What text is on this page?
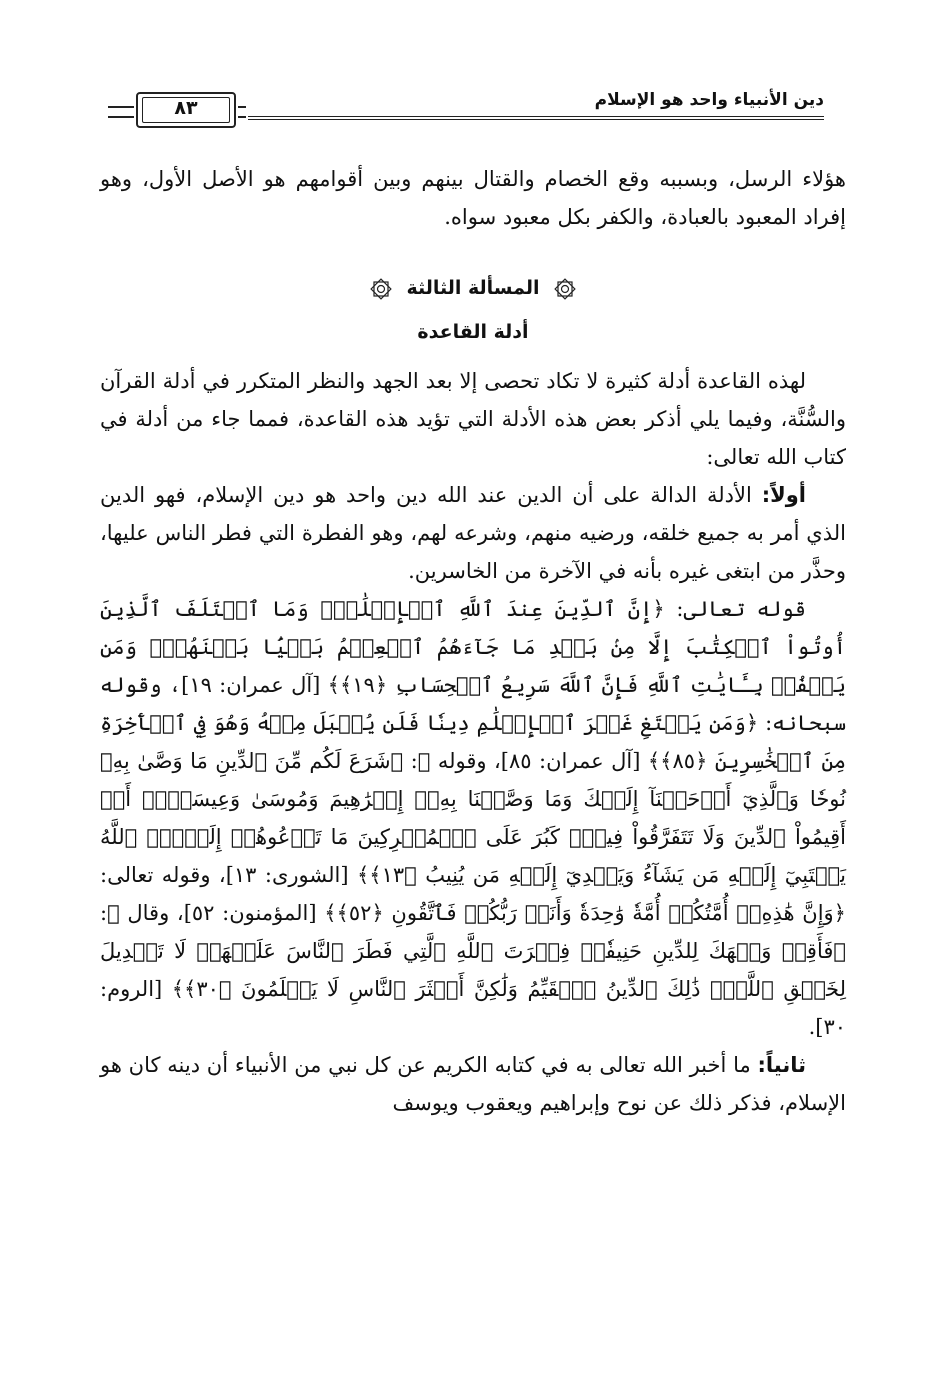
دين الأنبياء واحد هو الإسلام
٨٣

هؤلاء الرسل، وبسببه وقع الخصام والقتال بينهم وبين أقوامهم هو الأصل الأول، وهو إفراد المعبود بالعبادة، والكفر بكل معبود سواه.

المسألة الثالثة

أدلة القاعدة

لهذه القاعدة أدلة كثيرة لا تكاد تحصى إلا بعد الجهد والنظر المتكرر في أدلة القرآن والسُّنَّة، وفيما يلي أذكر بعض هذه الأدلة التي تؤيد هذه القاعدة، فمما جاء من أدلة في كتاب الله تعالى:

أولاً: الأدلة الدالة على أن الدين عند الله دين واحد هو دين الإسلام، فهو الدين الذي أمر به جميع خلقه، ورضيه منهم، وشرعه لهم، وهو الفطرة التي فطر الناس عليها، وحذَّر من ابتغى غيره بأنه في الآخرة من الخاسرين.

قوله تعالى: ﴿إِنَّ ٱلدِّينَ عِندَ ٱللَّهِ ٱلۡإِسۡلَٰمُۗ وَمَا ٱخۡتَلَفَ ٱلَّذِينَ أُوتُواْ ٱلۡكِتَٰبَ إِلَّا مِنۢ بَعۡدِ مَا جَآءَهُمُ ٱلۡعِلۡمُ بَغۡيَۢا بَيۡنَهُمۡۗ وَمَن يَكۡفُرۡ بِـَٔايَٰتِ ٱللَّهِ فَإِنَّ ٱللَّهَ سَرِيعُ ٱلۡحِسَابِ ﴿١٩﴾﴾ [آل عمران: ١٩]، وقوله سبحانه: ﴿وَمَن يَبۡتَغِ غَيۡرَ ٱلۡإِسۡلَٰمِ دِينٗا فَلَن يُقۡبَلَ مِنۡهُ وَهُوَ فِي ٱلۡأٓخِرَةِ مِنَ ٱلۡخَٰسِرِينَ ﴿٨٥﴾﴾ [آل عمران: ٨٥]، وقوله ﷻ: ﴿شَرَعَ لَكُم مِّنَ ٱلدِّينِ مَا وَصَّىٰ بِهِۦ نُوحٗا وَٱلَّذِيٓ أَوۡحَيۡنَآ إِلَيۡكَ وَمَا وَصَّيۡنَا بِهِۦٓ إِبۡرَٰهِيمَ وَمُوسَىٰ وَعِيسَىٰٓۖ أَنۡ أَقِيمُواْ ٱلدِّينَ وَلَا تَتَفَرَّقُواْ فِيهِۚ كَبُرَ عَلَى ٱلۡمُشۡرِكِينَ مَا تَدۡعُوهُمۡ إِلَيۡهِۚ ٱللَّهُ يَجۡتَبِيٓ إِلَيۡهِ مَن يَشَآءُ وَيَهۡدِيٓ إِلَيۡهِ مَن يُنِيبُ ﴿١٣﴾﴾ [الشورى: ١٣]، وقوله تعالى: ﴿وَإِنَّ هَٰذِهِۦٓ أُمَّتُكُمۡ أُمَّةٗ وَٰحِدَةٗ وَأَنَا۠ رَبُّكُمۡ فَٱتَّقُونِ ﴿٥٢﴾﴾ [المؤمنون: ٥٢]، وقال ﷻ: ﴿فَأَقِمۡ وَجۡهَكَ لِلدِّينِ حَنِيفٗاۚ فِطۡرَتَ ٱللَّهِ ٱلَّتِي فَطَرَ ٱلنَّاسَ عَلَيۡهَاۚ لَا تَبۡدِيلَ لِخَلۡقِ ٱللَّهِۚ ذَٰلِكَ ٱلدِّينُ ٱلۡقَيِّمُ وَلَٰكِنَّ أَكۡثَرَ ٱلنَّاسِ لَا يَعۡلَمُونَ ﴿٣٠﴾﴾ [الروم: ٣٠].

ثانياً: ما أخبر الله تعالى به في كتابه الكريم عن كل نبي من الأنبياء أن دينه كان هو الإسلام، فذكر ذلك عن نوح وإبراهيم ويعقوب ويوسف
